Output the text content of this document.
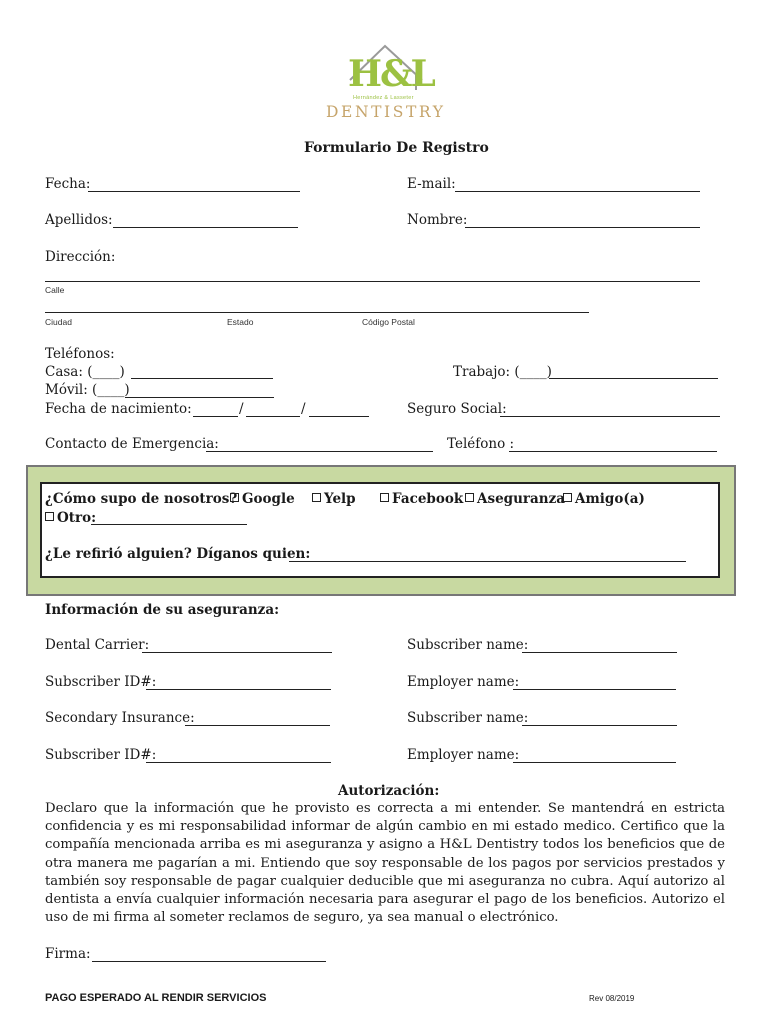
H&L
Hernández & Lasseter
DENTISTRY
Formulario De Registro
Fecha:	E-mail:
Apellidos:	Nombre:
Dirección:
Calle
Ciudad	Estado	Código Postal
Teléfonos:
Casa: (____)	Trabajo: (____)
Móvil: (____)
Fecha de nacimiento:	/	/	Seguro Social:
Contacto de Emergencia:	Teléfono :
¿Cómo supo de nosotros? Google	Yelp	Facebook	Aseguranza Amigo(a)
Otro:
¿Le refirió alguien? Díganos quien:
Información de su aseguranza:
Dental Carrier:	Subscriber name:
Subscriber ID#:	Employer name:
Secondary Insurance:	Subscriber name:
Subscriber ID#:	Employer name:
Autorización:
Declaro que la información que he provisto es correcta a mi entender. Se mantendrá en estricta confidencia y es mi responsabilidad informar de algún cambio en mi estado medico. Certifico que la compañía mencionada arriba es mi aseguranza y asigno a H&L Dentistry todos los beneficios que de otra manera me pagarían a mi. Entiendo que soy responsable de los pagos por servicios prestados y también soy responsable de pagar cualquier deducible que mi aseguranza no cubra. Aquí autorizo al dentista a envía cualquier información necesaria para asegurar el pago de los beneficios. Autorizo el uso de mi firma al someter reclamos de seguro, ya sea manual o electrónico.
Firma:
PAGO ESPERADO AL RENDIR SERVICIOS	Rev 08/2019
